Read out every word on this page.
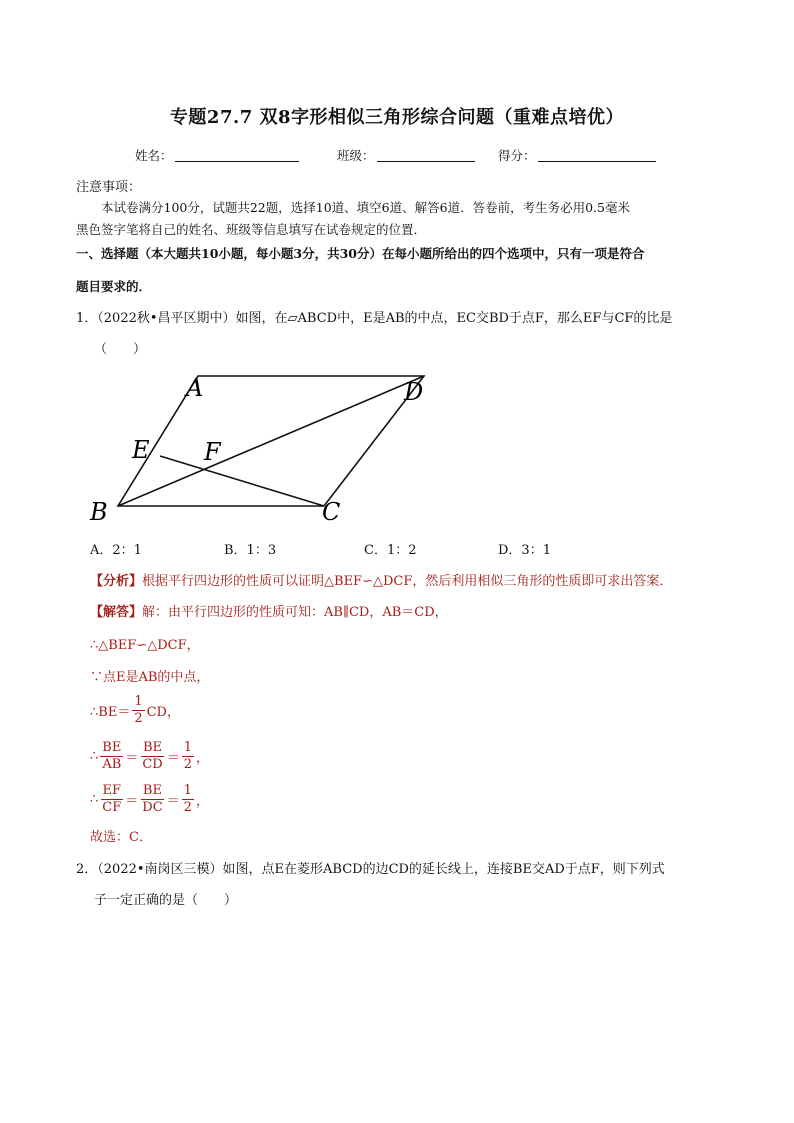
专题27.7 双8字形相似三角形综合问题（重难点培优）
姓名：	班级：	得分：
注意事项：
本试卷满分100分，试题共22题，选择10道、填空6道、解答6道．答卷前，考生务必用0.5毫米
黑色签字笔将自己的姓名、班级等信息填写在试卷规定的位置．
一、选择题（本大题共10小题，每小题3分，共30分）在每小题所给出的四个选项中，只有一项是符合
题目要求的．
1．（2022秋•昌平区期中）如图，在▱ABCD中，E是AB的中点，EC交BD于点F，那么EF与CF的比是
（　　）
A	D
E F
B	C
A．2：1	B．1：3	C．1：2	D．3：1
【分析】根据平行四边形的性质可以证明△BEF∽△DCF，然后利用相似三角形的性质即可求出答案．
【解答】解：由平行四边形的性质可知：AB∥CD，AB＝CD，
∴△BEF∽△DCF，
∵点E是AB的中点，
∴BE＝ $\frac{1}{2}$ CD，
∴ $\frac{BE}{AB} = \frac{BE}{CD} = \frac{1}{2}$ ，
∴ $\frac{EF}{CF} = \frac{BE}{DC} = \frac{1}{2}$ ，
故选：C．
2．（2022•南岗区三模）如图，点E在菱形ABCD的边CD的延长线上，连接BE交AD于点F，则下列式
子一定正确的是（　　）
